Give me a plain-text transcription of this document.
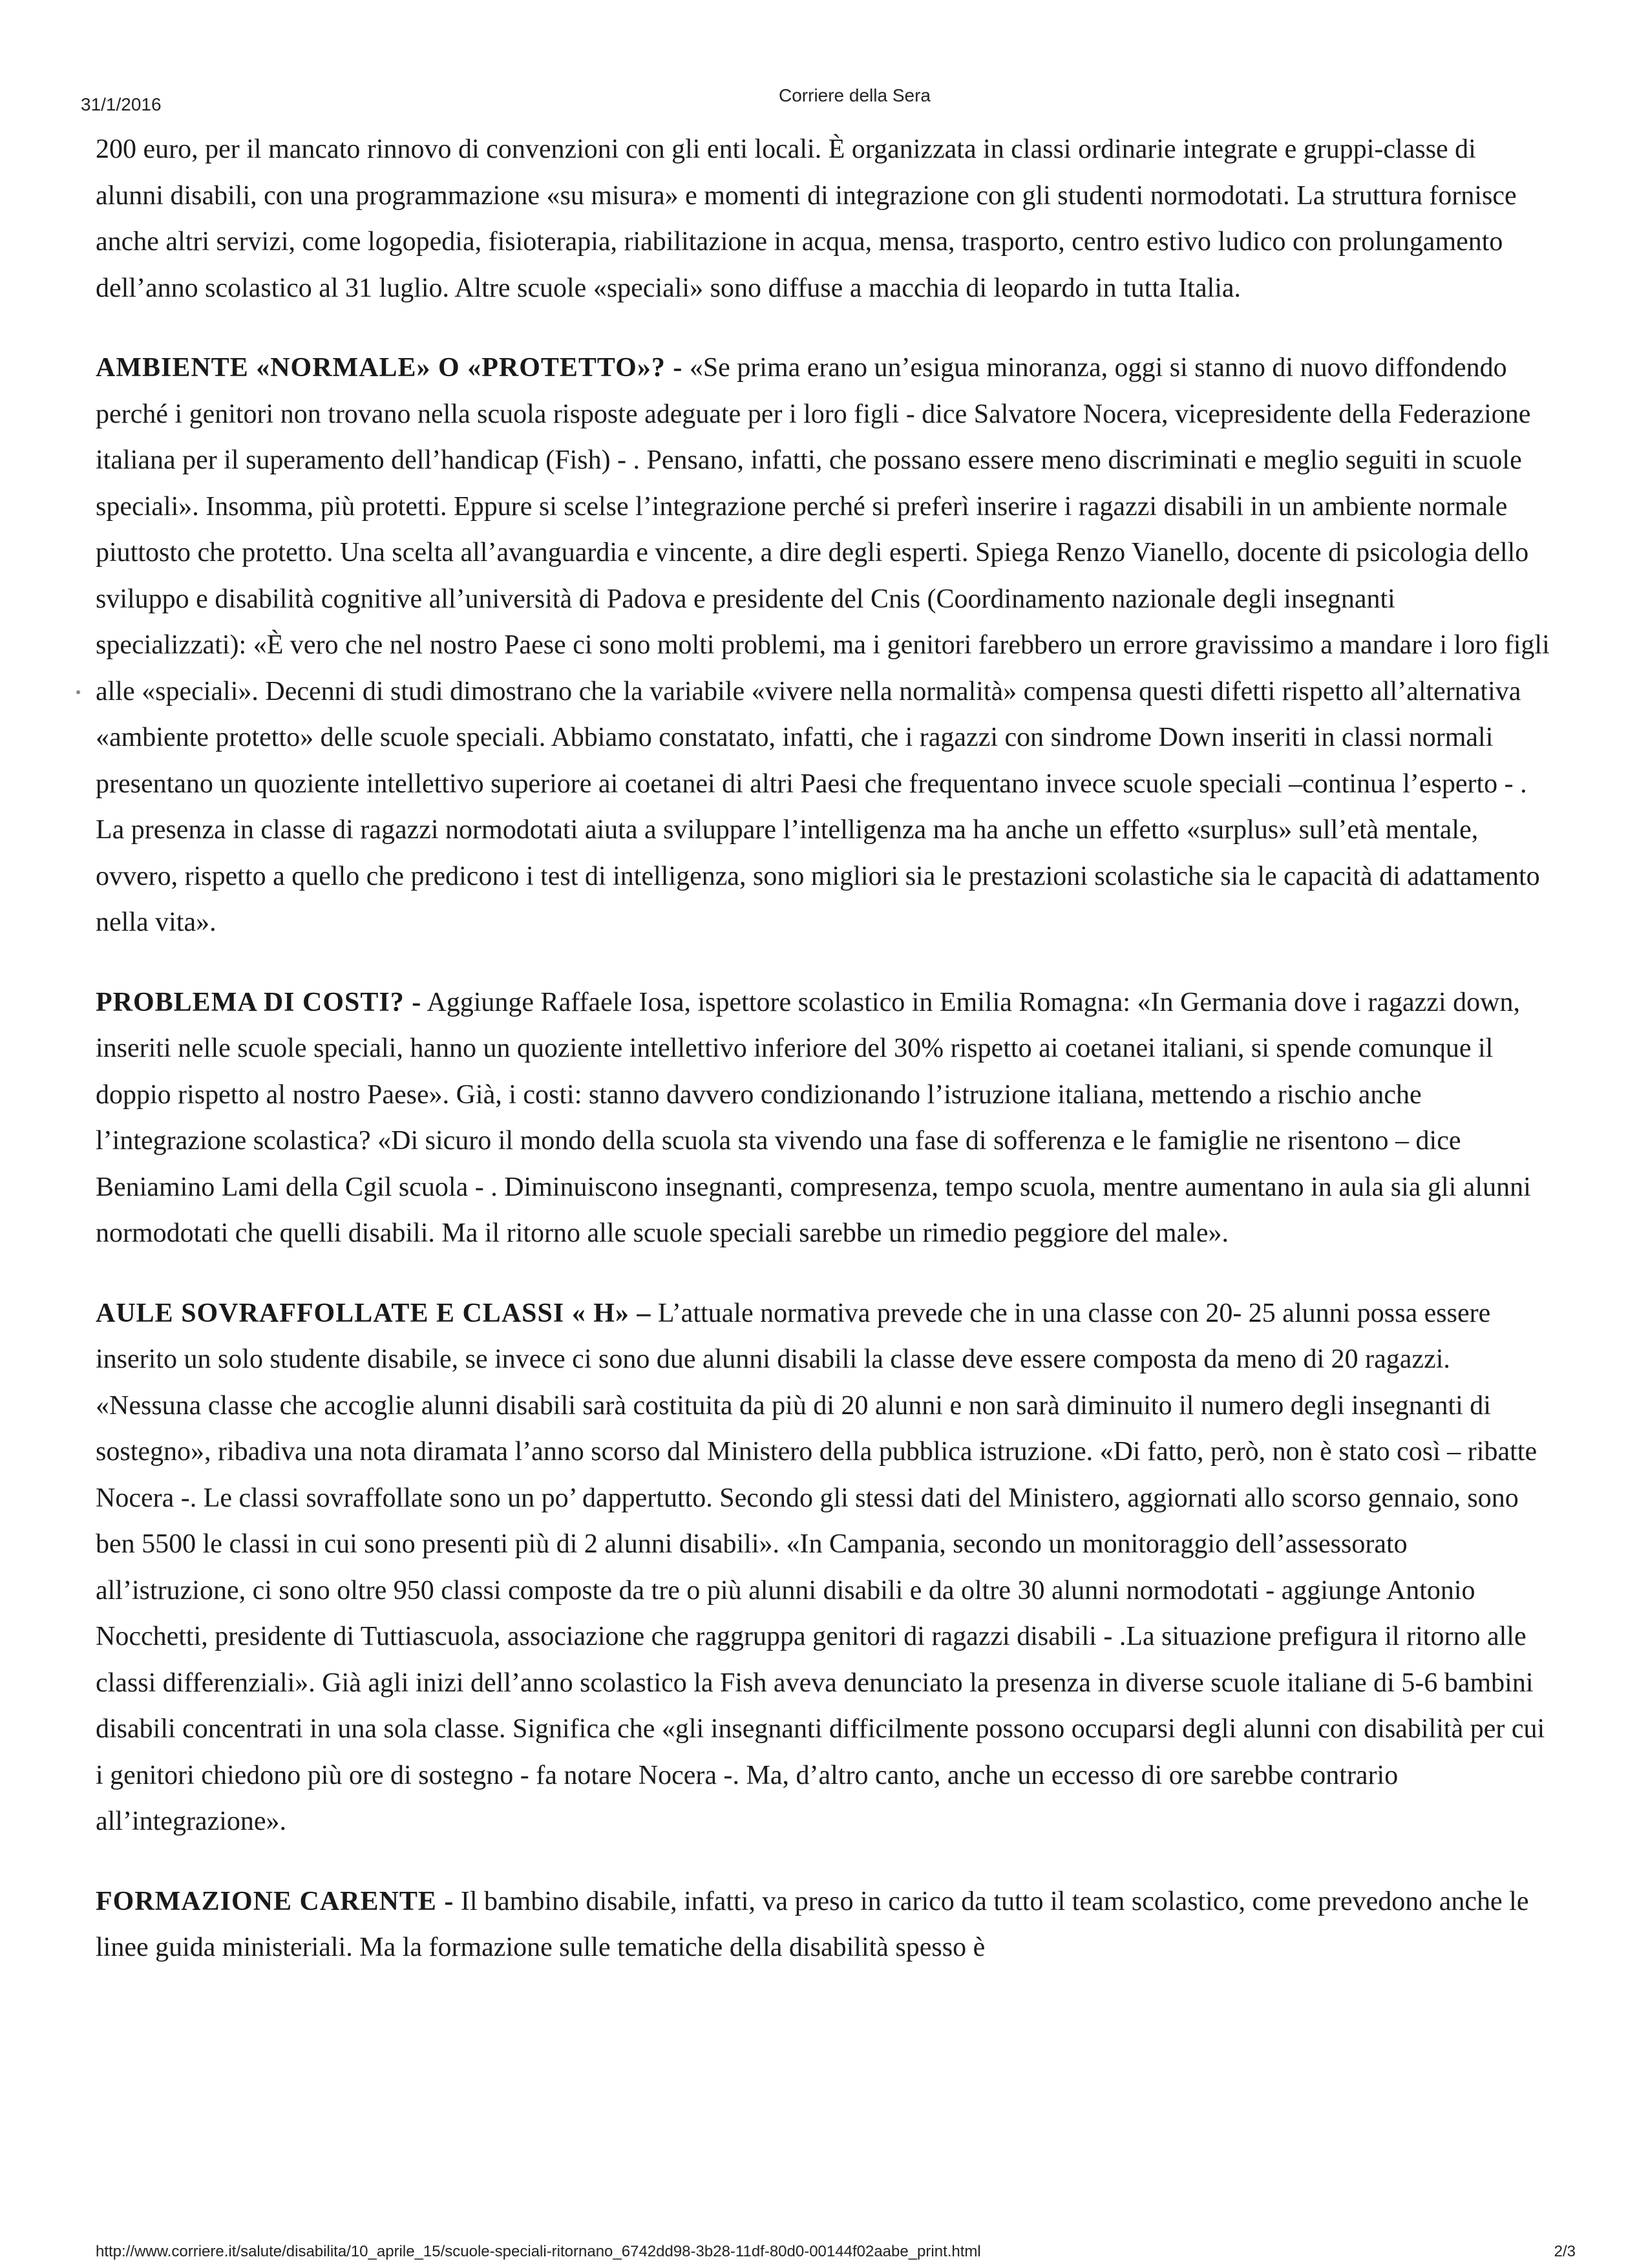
31/1/2016	Corriere della Sera

200 euro, per il mancato rinnovo di convenzioni con gli enti locali. È organizzata in classi ordinarie integrate e gruppi-classe di alunni disabili, con una programmazione «su misura» e momenti di integrazione con gli studenti normodotati. La struttura fornisce anche altri servizi, come logopedia, fisioterapia, riabilitazione in acqua, mensa, trasporto, centro estivo ludico con prolungamento dell’anno scolastico al 31 luglio. Altre scuole «speciali» sono diffuse a macchia di leopardo in tutta Italia.

AMBIENTE «NORMALE» O «PROTETTO»? - «Se prima erano un’esigua minoranza, oggi si stanno di nuovo diffondendo perché i genitori non trovano nella scuola risposte adeguate per i loro figli - dice Salvatore Nocera, vicepresidente della Federazione italiana per il superamento dell’handicap (Fish) - . Pensano, infatti, che possano essere meno discriminati e meglio seguiti in scuole speciali». Insomma, più protetti. Eppure si scelse l’integrazione perché si preferì inserire i ragazzi disabili in un ambiente normale piuttosto che protetto. Una scelta all’avanguardia e vincente, a dire degli esperti. Spiega Renzo Vianello, docente di psicologia dello sviluppo e disabilità cognitive all’università di Padova e presidente del Cnis (Coordinamento nazionale degli insegnanti specializzati): «È vero che nel nostro Paese ci sono molti problemi, ma i genitori farebbero un errore gravissimo a mandare i loro figli alle «speciali». Decenni di studi dimostrano che la variabile «vivere nella normalità» compensa questi difetti rispetto all’alternativa «ambiente protetto» delle scuole speciali. Abbiamo constatato, infatti, che i ragazzi con sindrome Down inseriti in classi normali presentano un quoziente intellettivo superiore ai coetanei di altri Paesi che frequentano invece scuole speciali –continua l’esperto - . La presenza in classe di ragazzi normodotati aiuta a sviluppare l’intelligenza ma ha anche un effetto «surplus» sull’età mentale, ovvero, rispetto a quello che predicono i test di intelligenza, sono migliori sia le prestazioni scolastiche sia le capacità di adattamento nella vita».

PROBLEMA DI COSTI? - Aggiunge Raffaele Iosa, ispettore scolastico in Emilia Romagna: «In Germania dove i ragazzi down, inseriti nelle scuole speciali, hanno un quoziente intellettivo inferiore del 30% rispetto ai coetanei italiani, si spende comunque il doppio rispetto al nostro Paese». Già, i costi: stanno davvero condizionando l’istruzione italiana, mettendo a rischio anche l’integrazione scolastica? «Di sicuro il mondo della scuola sta vivendo una fase di sofferenza e le famiglie ne risentono – dice Beniamino Lami della Cgil scuola - . Diminuiscono insegnanti, compresenza, tempo scuola, mentre aumentano in aula sia gli alunni normodotati che quelli disabili. Ma il ritorno alle scuole speciali sarebbe un rimedio peggiore del male».

AULE SOVRAFFOLLATE E CLASSI « H» – L’attuale normativa prevede che in una classe con 20- 25 alunni possa essere inserito un solo studente disabile, se invece ci sono due alunni disabili la classe deve essere composta da meno di 20 ragazzi. «Nessuna classe che accoglie alunni disabili sarà costituita da più di 20 alunni e non sarà diminuito il numero degli insegnanti di sostegno», ribadiva una nota diramata l’anno scorso dal Ministero della pubblica istruzione. «Di fatto, però, non è stato così – ribatte Nocera -. Le classi sovraffollate sono un po’ dappertutto. Secondo gli stessi dati del Ministero, aggiornati allo scorso gennaio, sono ben 5500 le classi in cui sono presenti più di 2 alunni disabili». «In Campania, secondo un monitoraggio dell’assessorato all’istruzione, ci sono oltre 950 classi composte da tre o più alunni disabili e da oltre 30 alunni normodotati - aggiunge Antonio Nocchetti, presidente di Tuttiascuola, associazione che raggruppa genitori di ragazzi disabili - .La situazione prefigura il ritorno alle classi differenziali». Già agli inizi dell’anno scolastico la Fish aveva denunciato la presenza in diverse scuole italiane di 5-6 bambini disabili concentrati in una sola classe. Significa che «gli insegnanti difficilmente possono occuparsi degli alunni con disabilità per cui i genitori chiedono più ore di sostegno - fa notare Nocera -. Ma, d’altro canto, anche un eccesso di ore sarebbe contrario all’integrazione».

FORMAZIONE CARENTE - Il bambino disabile, infatti, va preso in carico da tutto il team scolastico, come prevedono anche le linee guida ministeriali. Ma la formazione sulle tematiche della disabilità spesso è

http://www.corriere.it/salute/disabilita/10_aprile_15/scuole-speciali-ritornano_6742dd98-3b28-11df-80d0-00144f02aabe_print.html	2/3
